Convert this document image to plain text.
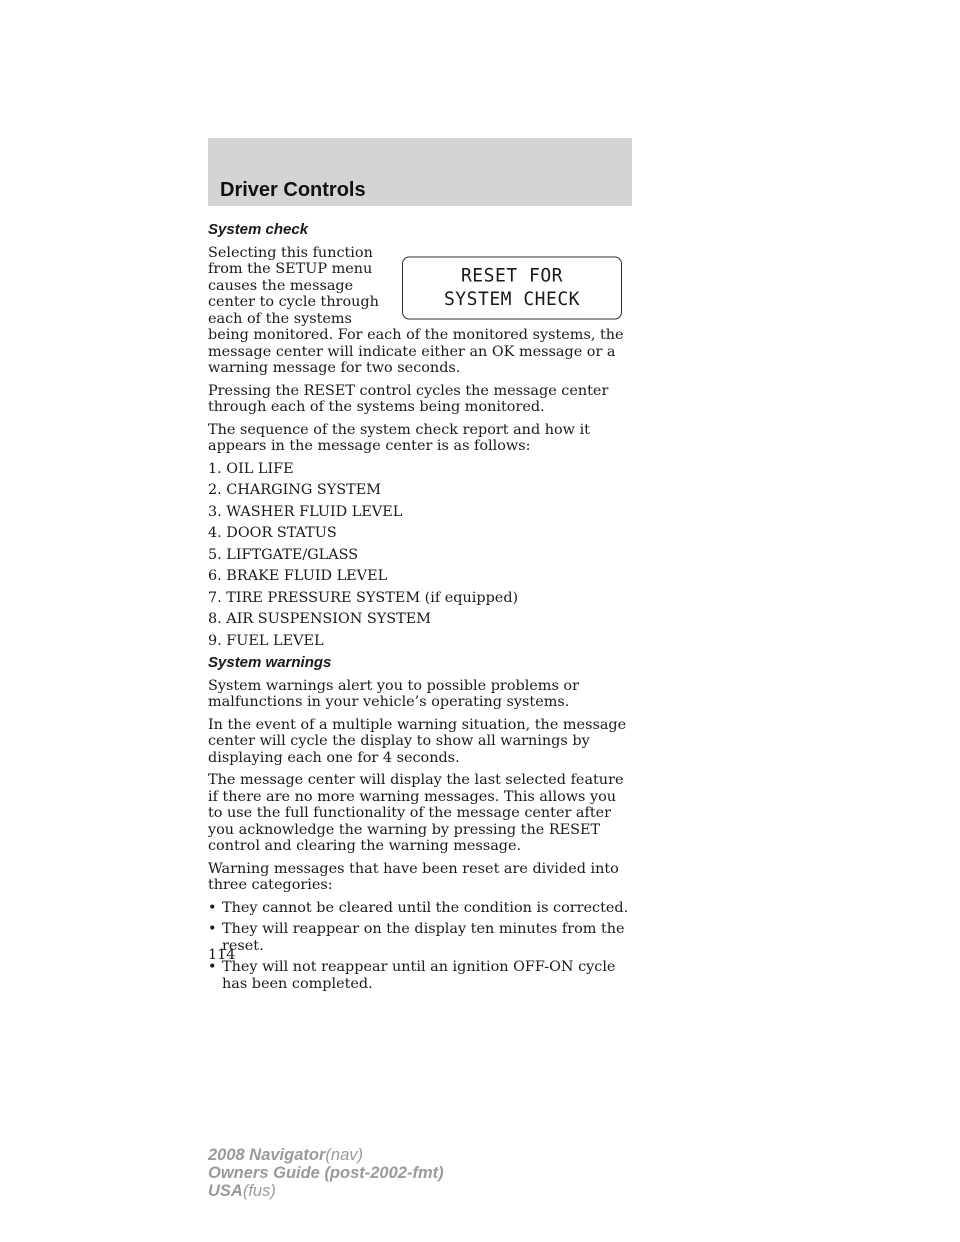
Driver Controls
System check
RESET FOR
SYSTEM CHECK

Selecting this function from the SETUP menu causes the message center to cycle through each of the systems being monitored. For each of the monitored systems, the message center will indicate either an OK message or a warning message for two seconds.

Pressing the RESET control cycles the message center through each of the systems being monitored.

The sequence of the system check report and how it appears in the message center is as follows:

1. OIL LIFE
2. CHARGING SYSTEM
3. WASHER FLUID LEVEL
4. DOOR STATUS
5. LIFTGATE/GLASS
6. BRAKE FLUID LEVEL
7. TIRE PRESSURE SYSTEM (if equipped)
8. AIR SUSPENSION SYSTEM
9. FUEL LEVEL
System warnings

System warnings alert you to possible problems or malfunctions in your vehicle’s operating systems.

In the event of a multiple warning situation, the message center will cycle the display to show all warnings by displaying each one for 4 seconds.

The message center will display the last selected feature if there are no more warning messages. This allows you to use the full functionality of the message center after you acknowledge the warning by pressing the RESET control and clearing the warning message.

Warning messages that have been reset are divided into three categories:

• They cannot be cleared until the condition is corrected.
• They will reappear on the display ten minutes from the reset.
• They will not reappear until an ignition OFF-ON cycle has been completed.
114
2008 Navigator(nav)
Owners Guide (post-2002-fmt)
USA(fus)
